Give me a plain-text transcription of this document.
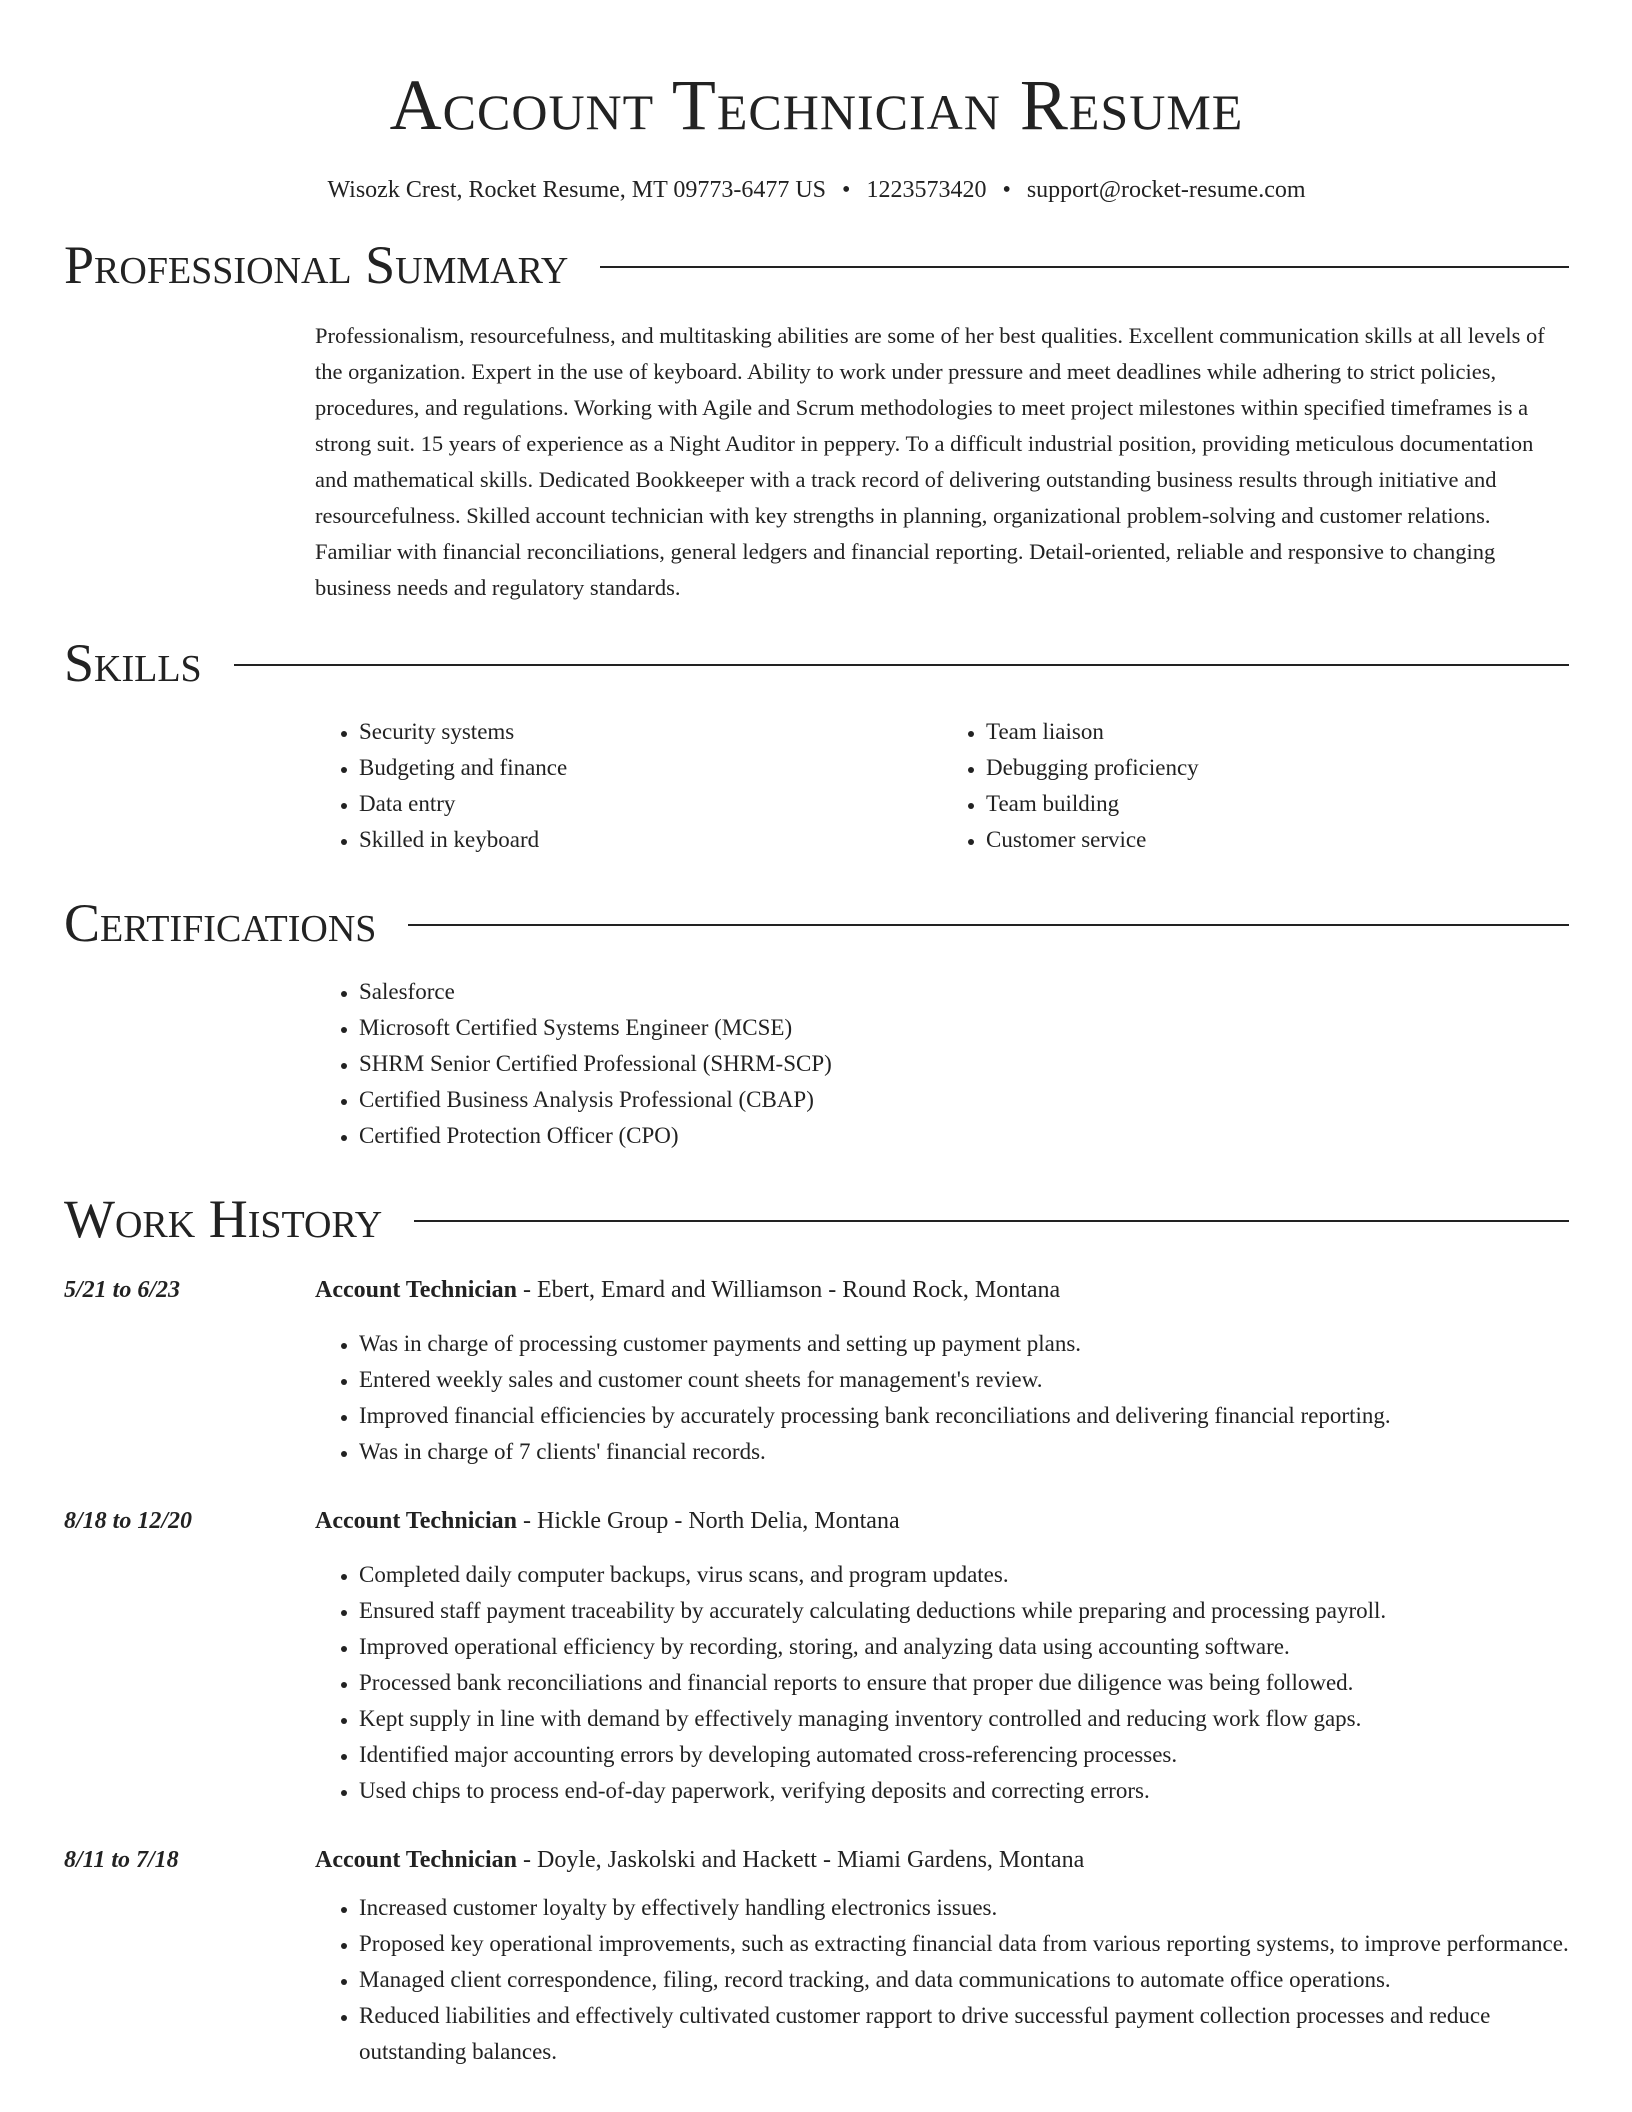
Account Technician Resume
Wisozk Crest, Rocket Resume, MT 09773-6477 US • 1223573420 • support@rocket-resume.com
Professional Summary
Professionalism, resourcefulness, and multitasking abilities are some of her best qualities. Excellent communication skills at all levels of the organization. Expert in the use of keyboard. Ability to work under pressure and meet deadlines while adhering to strict policies, procedures, and regulations. Working with Agile and Scrum methodologies to meet project milestones within specified timeframes is a strong suit. 15 years of experience as a Night Auditor in peppery. To a difficult industrial position, providing meticulous documentation and mathematical skills. Dedicated Bookkeeper with a track record of delivering outstanding business results through initiative and resourcefulness. Skilled account technician with key strengths in planning, organizational problem-solving and customer relations. Familiar with financial reconciliations, general ledgers and financial reporting. Detail-oriented, reliable and responsive to changing business needs and regulatory standards.
Skills
• Security systems
• Budgeting and finance
• Data entry
• Skilled in keyboard
• Team liaison
• Debugging proficiency
• Team building
• Customer service
Certifications
• Salesforce
• Microsoft Certified Systems Engineer (MCSE)
• SHRM Senior Certified Professional (SHRM-SCP)
• Certified Business Analysis Professional (CBAP)
• Certified Protection Officer (CPO)
Work History
5/21 to 6/23	Account Technician - Ebert, Emard and Williamson - Round Rock, Montana
• Was in charge of processing customer payments and setting up payment plans.
• Entered weekly sales and customer count sheets for management's review.
• Improved financial efficiencies by accurately processing bank reconciliations and delivering financial reporting.
• Was in charge of 7 clients' financial records.
8/18 to 12/20	Account Technician - Hickle Group - North Delia, Montana
• Completed daily computer backups, virus scans, and program updates.
• Ensured staff payment traceability by accurately calculating deductions while preparing and processing payroll.
• Improved operational efficiency by recording, storing, and analyzing data using accounting software.
• Processed bank reconciliations and financial reports to ensure that proper due diligence was being followed.
• Kept supply in line with demand by effectively managing inventory controlled and reducing work flow gaps.
• Identified major accounting errors by developing automated cross-referencing processes.
• Used chips to process end-of-day paperwork, verifying deposits and correcting errors.
8/11 to 7/18	Account Technician - Doyle, Jaskolski and Hackett - Miami Gardens, Montana
• Increased customer loyalty by effectively handling electronics issues.
• Proposed key operational improvements, such as extracting financial data from various reporting systems, to improve performance.
• Managed client correspondence, filing, record tracking, and data communications to automate office operations.
• Reduced liabilities and effectively cultivated customer rapport to drive successful payment collection processes and reduce outstanding balances.
